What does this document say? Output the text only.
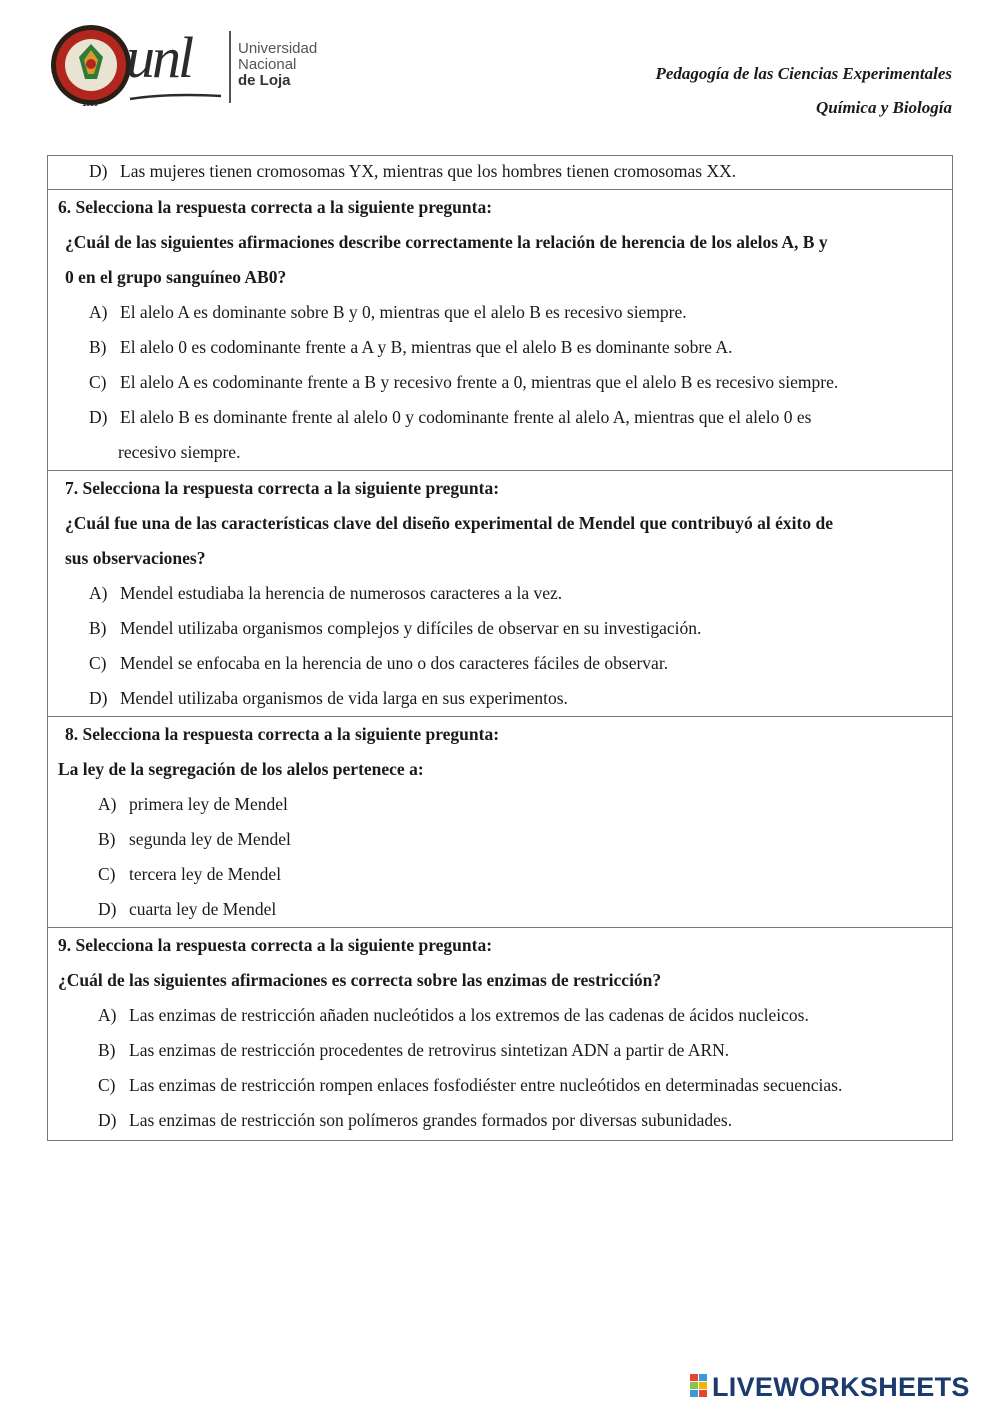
1859
unl	Universidad
Nacional
de Loja	Pedagogía de las Ciencias Experimentales
Química y Biología
D) Las mujeres tienen cromosomas YX, mientras que los hombres tienen cromosomas XX.

6. Selecciona la respuesta correcta a la siguiente pregunta:
¿Cuál de las siguientes afirmaciones describe correctamente la relación de herencia de los alelos A, B y
0 en el grupo sanguíneo AB0?
A) El alelo A es dominante sobre B y 0, mientras que el alelo B es recesivo siempre.
B) El alelo 0 es codominante frente a A y B, mientras que el alelo B es dominante sobre A.
C) El alelo A es codominante frente a B y recesivo frente a 0, mientras que el alelo B es recesivo siempre.
D) El alelo B es dominante frente al alelo 0 y codominante frente al alelo A, mientras que el alelo 0 es
recesivo siempre.

7. Selecciona la respuesta correcta a la siguiente pregunta:
¿Cuál fue una de las características clave del diseño experimental de Mendel que contribuyó al éxito de
sus observaciones?
A) Mendel estudiaba la herencia de numerosos caracteres a la vez.
B) Mendel utilizaba organismos complejos y difíciles de observar en su investigación.
C) Mendel se enfocaba en la herencia de uno o dos caracteres fáciles de observar.
D) Mendel utilizaba organismos de vida larga en sus experimentos.

8. Selecciona la respuesta correcta a la siguiente pregunta:
La ley de la segregación de los alelos pertenece a:
A) primera ley de Mendel
B) segunda ley de Mendel
C) tercera ley de Mendel
D) cuarta ley de Mendel

9. Selecciona la respuesta correcta a la siguiente pregunta:
¿Cuál de las siguientes afirmaciones es correcta sobre las enzimas de restricción?
A) Las enzimas de restricción añaden nucleótidos a los extremos de las cadenas de ácidos nucleicos.
B) Las enzimas de restricción procedentes de retrovirus sintetizan ADN a partir de ARN.
C) Las enzimas de restricción rompen enlaces fosfodiéster entre nucleótidos en determinadas secuencias.
D) Las enzimas de restricción son polímeros grandes formados por diversas subunidades.
LIVEWORKSHEETS
